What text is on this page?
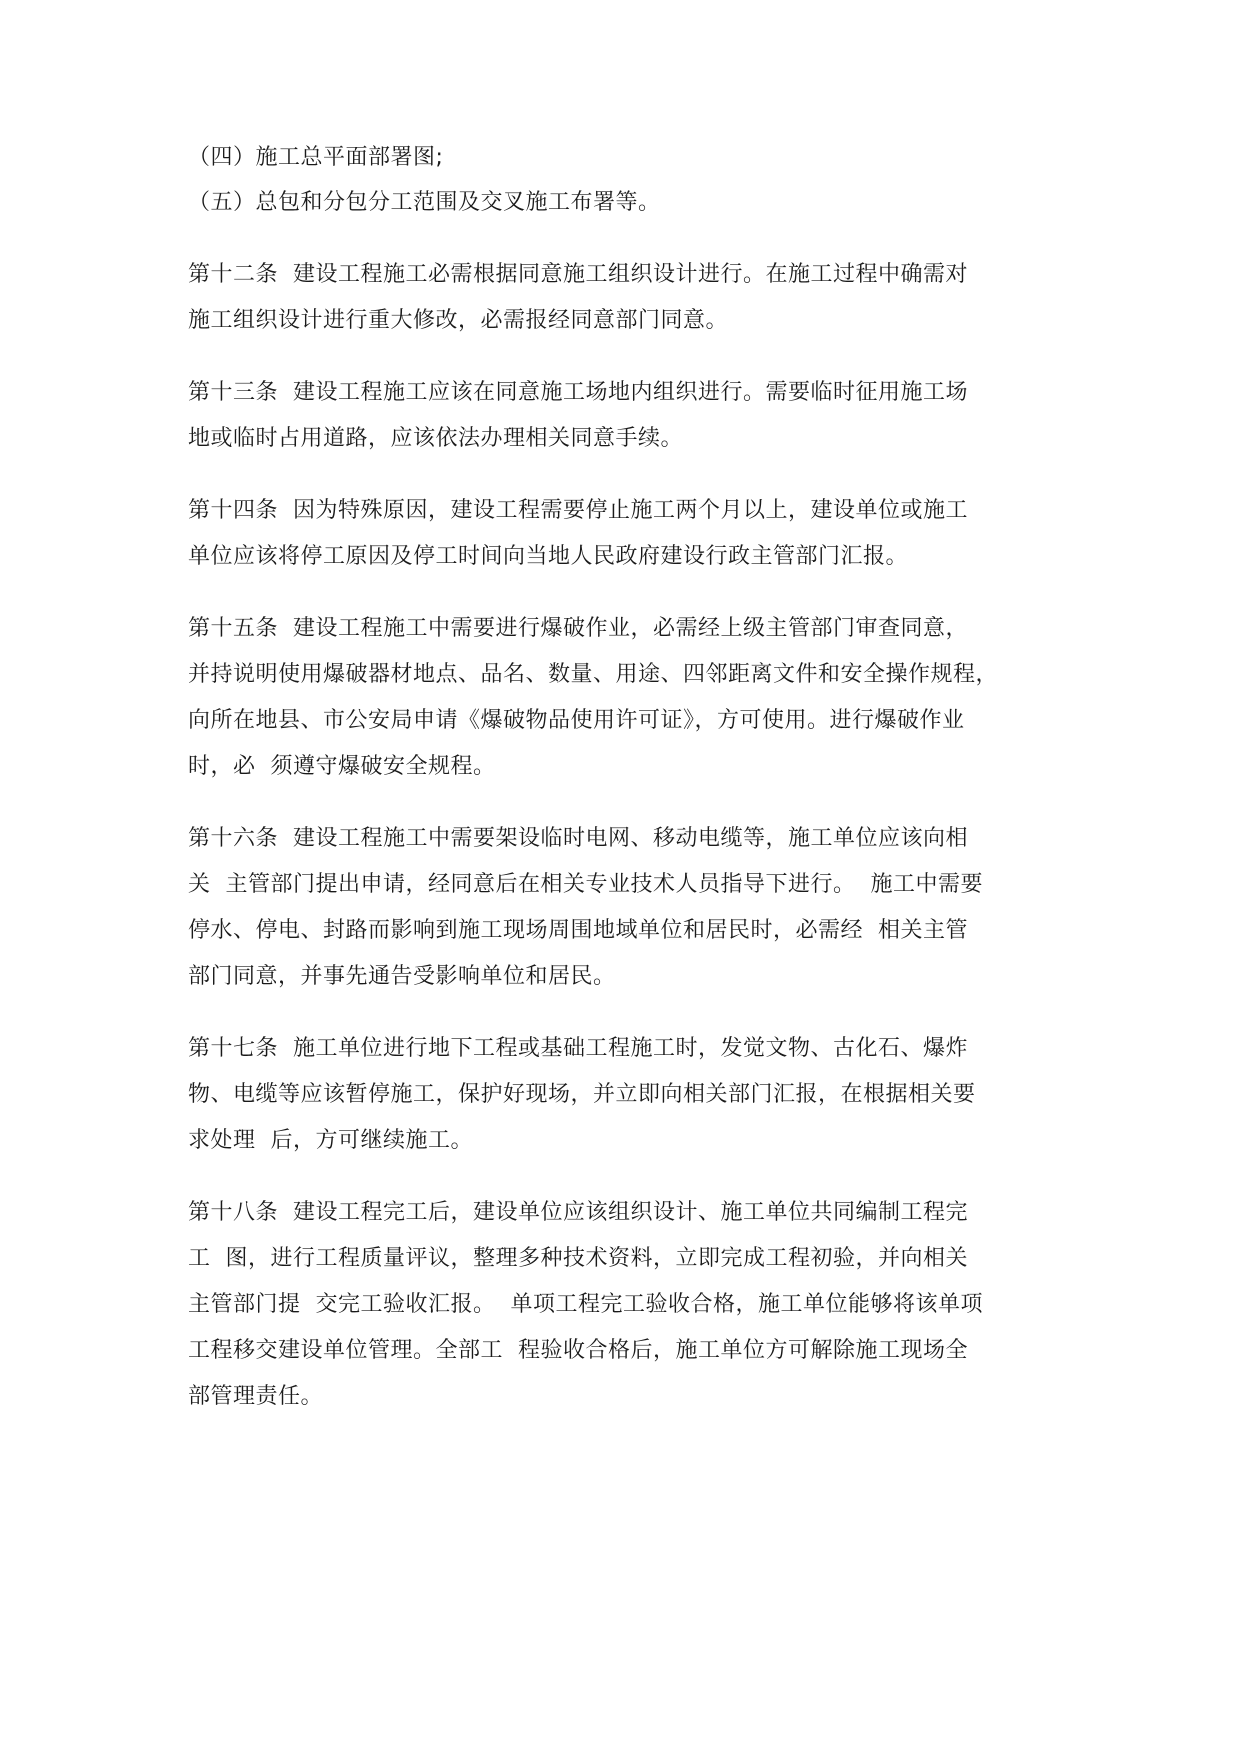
（四）施工总平面部署图;
（五）总包和分包分工范围及交叉施工布署等。
第十二条  建设工程施工必需根据同意施工组织设计进行。在施工过程中确需对
施工组织设计进行重大修改，必需报经同意部门同意。
第十三条  建设工程施工应该在同意施工场地内组织进行。需要临时征用施工场
地或临时占用道路，应该依法办理相关同意手续。
第十四条  因为特殊原因，建设工程需要停止施工两个月以上，建设单位或施工
单位应该将停工原因及停工时间向当地人民政府建设行政主管部门汇报。
第十五条  建设工程施工中需要进行爆破作业，必需经上级主管部门审查同意，
并持说明使用爆破器材地点、品名、数量、用途、四邻距离文件和安全操作规程，
向所在地县、市公安局申请《爆破物品使用许可证》，方可使用。进行爆破作业
时，必  须遵守爆破安全规程。
第十六条  建设工程施工中需要架设临时电网、移动电缆等，施工单位应该向相
关  主管部门提出申请，经同意后在相关专业技术人员指导下进行。  施工中需要
停水、停电、封路而影响到施工现场周围地域单位和居民时，必需经  相关主管
部门同意，并事先通告受影响单位和居民。
第十七条  施工单位进行地下工程或基础工程施工时，发觉文物、古化石、爆炸
物、电缆等应该暂停施工，保护好现场，并立即向相关部门汇报，在根据相关要
求处理  后，方可继续施工。
第十八条  建设工程完工后，建设单位应该组织设计、施工单位共同编制工程完
工  图，进行工程质量评议，整理多种技术资料，立即完成工程初验，并向相关
主管部门提  交完工验收汇报。  单项工程完工验收合格，施工单位能够将该单项
工程移交建设单位管理。全部工  程验收合格后，施工单位方可解除施工现场全
部管理责任。
